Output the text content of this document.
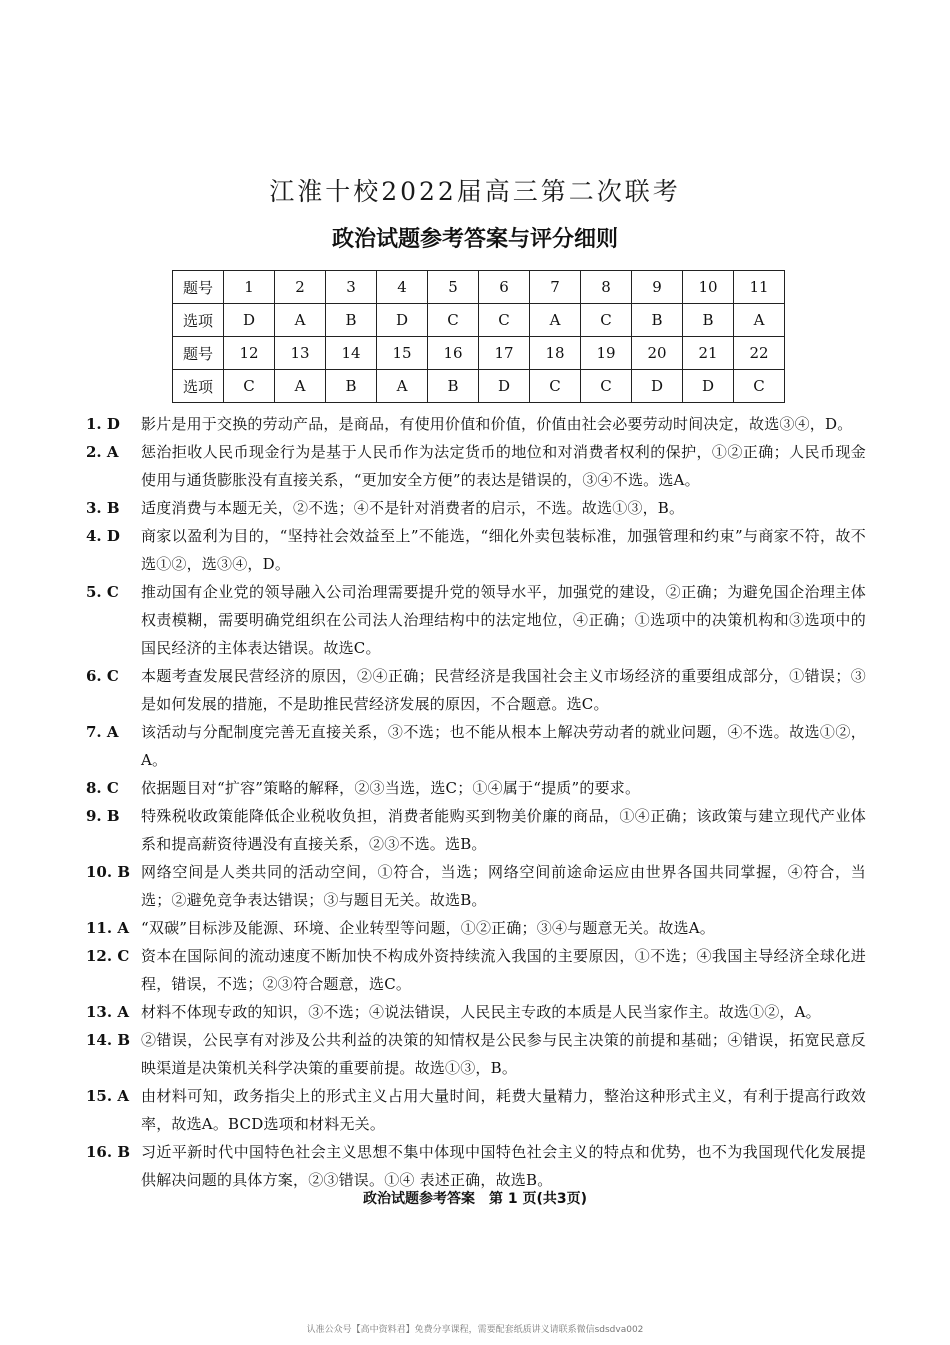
江淮十校2022届高三第二次联考
政治试题参考答案与评分细则
题号	1	2	3	4	5	6	7	8	9	10	11
选项	D	A	B	D	C	C	A	C	B	B	A
题号	12	13	14	15	16	17	18	19	20	21	22
选项	C	A	B	A	B	D	C	C	D	D	C
1. D	影片是用于交换的劳动产品，是商品，有使用价值和价值，价值由社会必要劳动时间决定，故选③④，D。
2. A	惩治拒收人民币现金行为是基于人民币作为法定货币的地位和对消费者权利的保护，①②正确；人民币现金使用与通货膨胀没有直接关系，“更加安全方便”的表达是错误的，③④不选。选A。
3. B	适度消费与本题无关，②不选；④不是针对消费者的启示，不选。故选①③，B。
4. D	商家以盈利为目的，“坚持社会效益至上”不能选，“细化外卖包装标准，加强管理和约束”与商家不符，故不选①②，选③④，D。
5. C	推动国有企业党的领导融入公司治理需要提升党的领导水平，加强党的建设，②正确；为避免国企治理主体权责模糊，需要明确党组织在公司法人治理结构中的法定地位，④正确；①选项中的决策机构和③选项中的国民经济的主体表达错误。故选C。
6. C	本题考查发展民营经济的原因，②④正确；民营经济是我国社会主义市场经济的重要组成部分，①错误；③是如何发展的措施，不是助推民营经济发展的原因，不合题意。选C。
7. A	该活动与分配制度完善无直接关系，③不选；也不能从根本上解决劳动者的就业问题，④不选。故选①②，A。
8. C	依据题目对“扩容”策略的解释，②③当选，选C；①④属于“提质”的要求。
9. B	特殊税收政策能降低企业税收负担，消费者能购买到物美价廉的商品，①④正确；该政策与建立现代产业体系和提高薪资待遇没有直接关系，②③不选。选B。
10. B 网络空间是人类共同的活动空间，①符合，当选；网络空间前途命运应由世界各国共同掌握，④符合，当选；②避免竞争表达错误；③与题目无关。故选B。
11. A “双碳”目标涉及能源、环境、企业转型等问题，①②正确；③④与题意无关。故选A。
12. C 资本在国际间的流动速度不断加快不构成外资持续流入我国的主要原因，①不选；④我国主导经济全球化进程，错误，不选；②③符合题意，选C。
13. A 材料不体现专政的知识，③不选；④说法错误，人民民主专政的本质是人民当家作主。故选①②，A。
14. B ②错误，公民享有对涉及公共利益的决策的知情权是公民参与民主决策的前提和基础；④错误，拓宽民意反映渠道是决策机关科学决策的重要前提。故选①③，B。
15. A 由材料可知，政务指尖上的形式主义占用大量时间，耗费大量精力，整治这种形式主义，有利于提高行政效率，故选A。BCD选项和材料无关。
16. B 习近平新时代中国特色社会主义思想不集中体现中国特色社会主义的特点和优势，也不为我国现代化发展提供解决问题的具体方案，②③错误。①④ 表述正确，故选B。
政治试题参考答案　第 1 页(共3页)
认准公众号【高中资料君】免费分享课程，需要配套纸质讲义请联系微信sdsdva002
